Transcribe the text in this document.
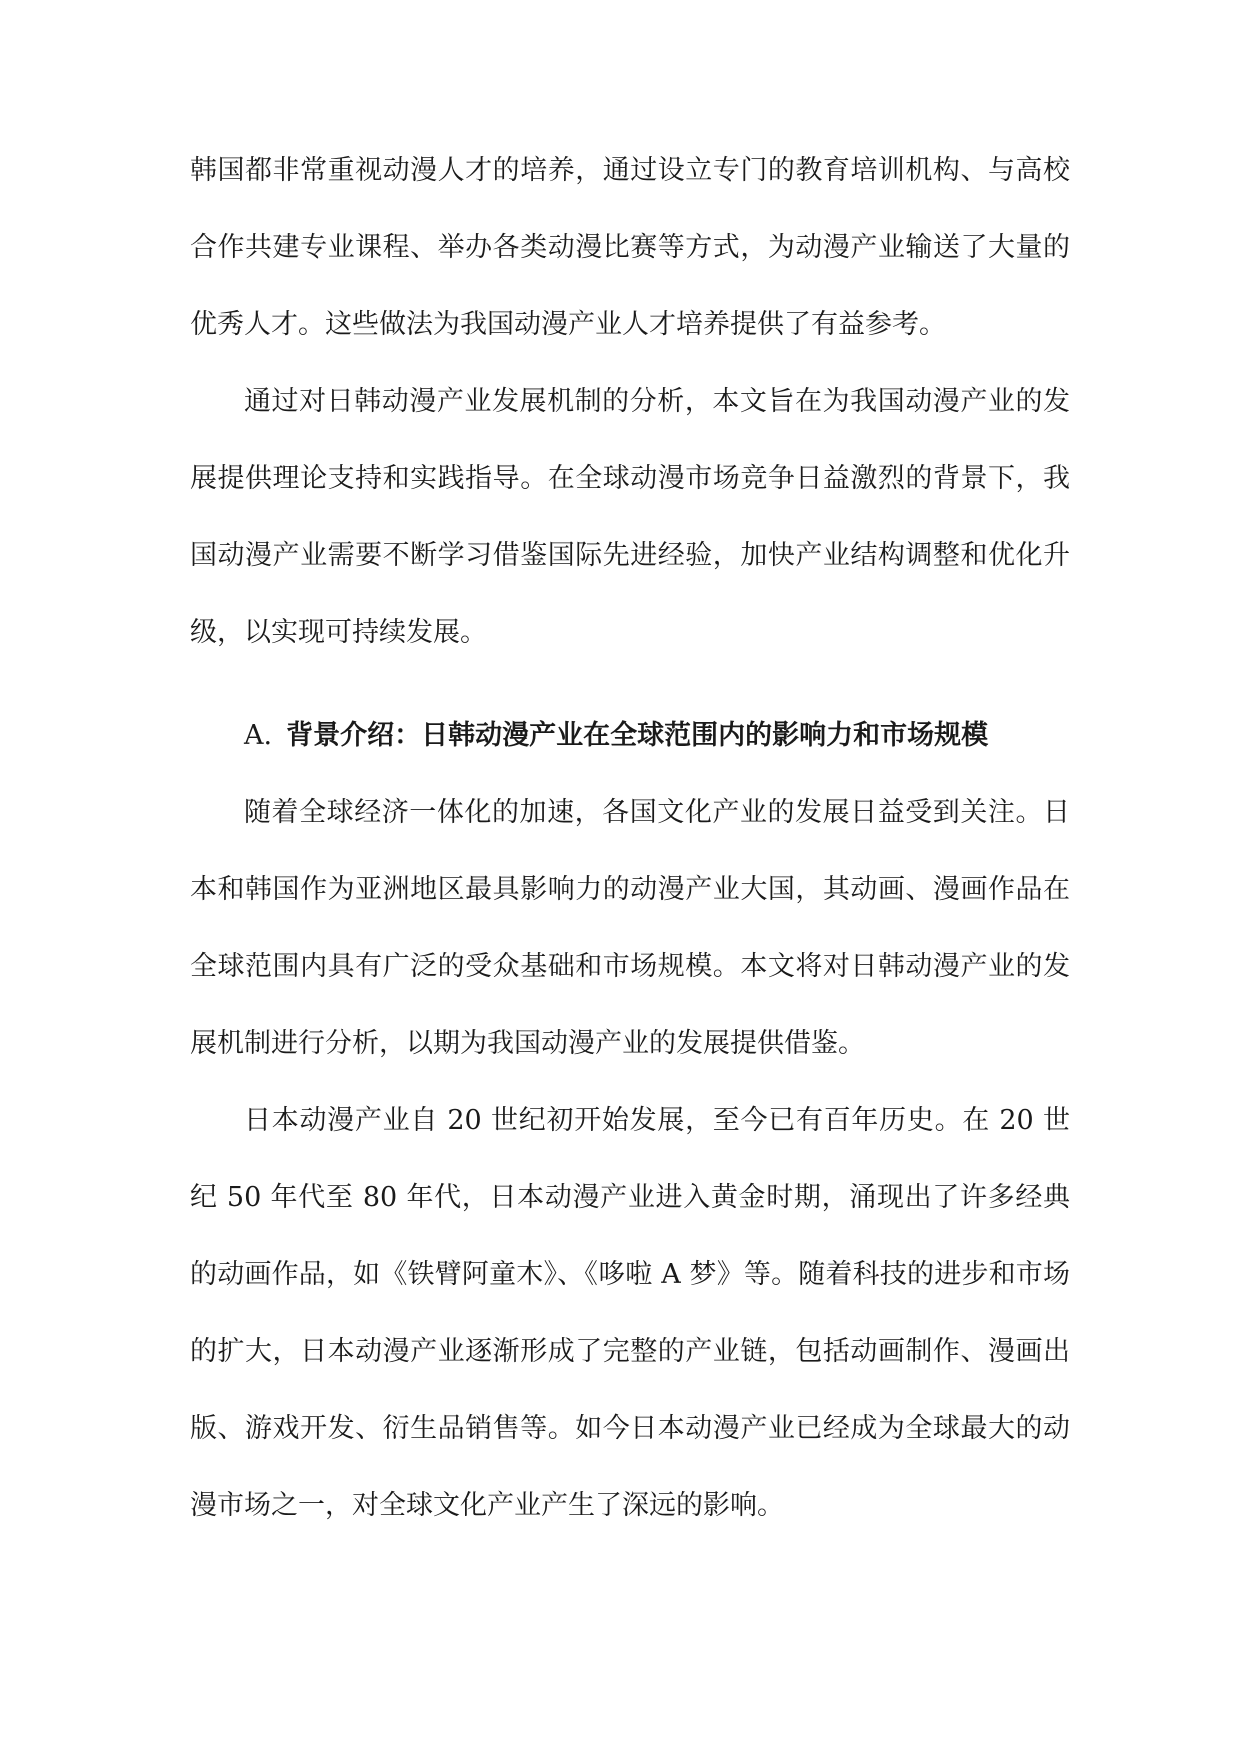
韩国都非常重视动漫人才的培养，通过设立专门的教育培训机构、与高校合作共建专业课程、举办各类动漫比赛等方式，为动漫产业输送了大量的优秀人才。这些做法为我国动漫产业人才培养提供了有益参考。

通过对日韩动漫产业发展机制的分析，本文旨在为我国动漫产业的发展提供理论支持和实践指导。在全球动漫市场竞争日益激烈的背景下，我国动漫产业需要不断学习借鉴国际先进经验，加快产业结构调整和优化升级，以实现可持续发展。

A. 背景介绍：日韩动漫产业在全球范围内的影响力和市场规模

随着全球经济一体化的加速，各国文化产业的发展日益受到关注。日本和韩国作为亚洲地区最具影响力的动漫产业大国，其动画、漫画作品在全球范围内具有广泛的受众基础和市场规模。本文将对日韩动漫产业的发展机制进行分析，以期为我国动漫产业的发展提供借鉴。

日本动漫产业自 20 世纪初开始发展，至今已有百年历史。在 20 世纪 50 年代至 80 年代，日本动漫产业进入黄金时期，涌现出了许多经典的动画作品，如《铁臂阿童木》、《哆啦 A 梦》等。随着科技的进步和市场的扩大，日本动漫产业逐渐形成了完整的产业链，包括动画制作、漫画出版、游戏开发、衍生品销售等。如今日本动漫产业已经成为全球最大的动漫市场之一，对全球文化产业产生了深远的影响。
